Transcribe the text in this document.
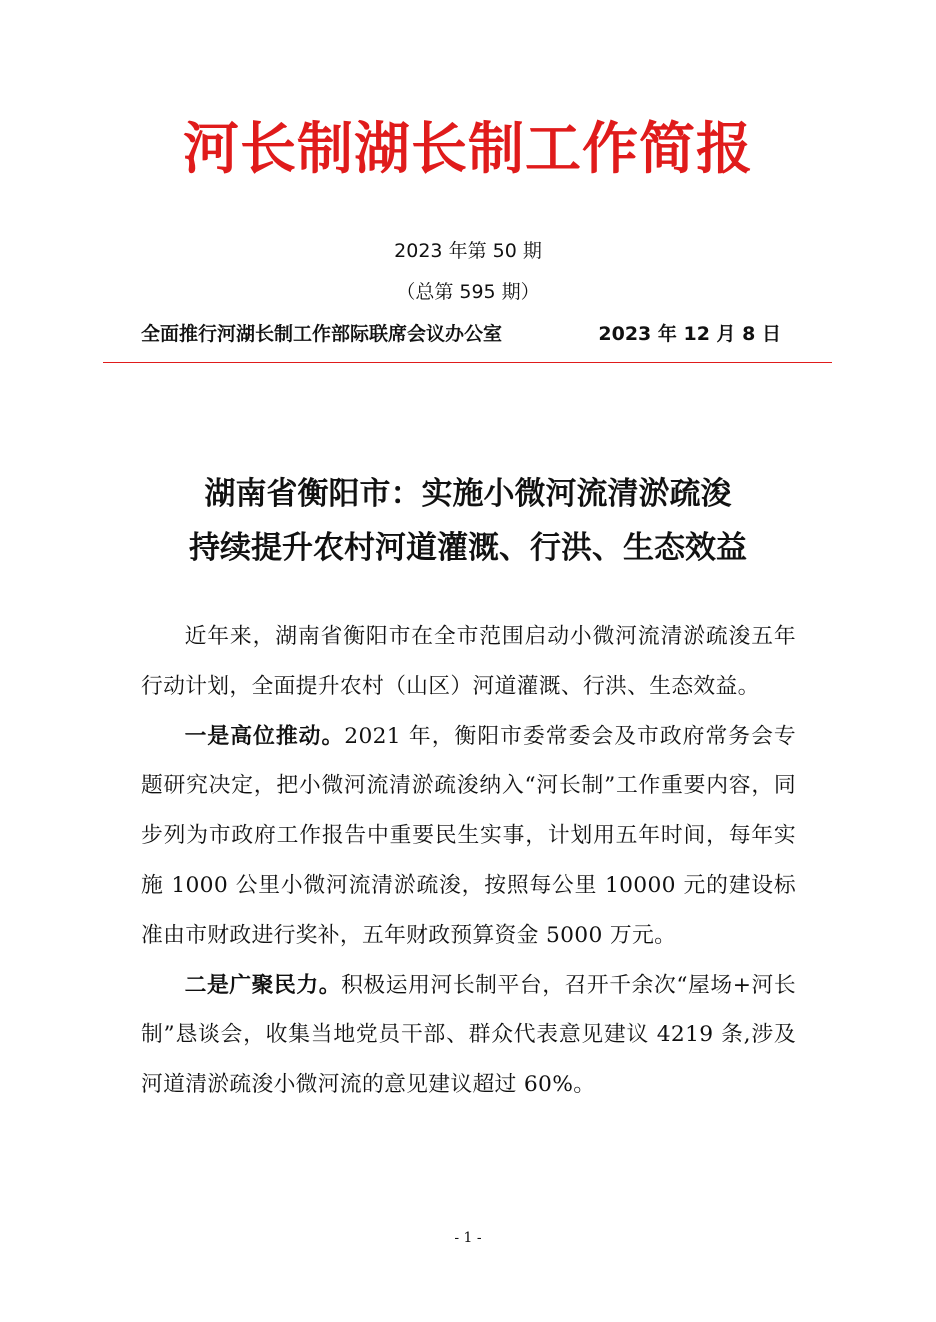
河长制湖长制工作简报
2023 年第 50 期
（总第 595 期）
全面推行河湖长制工作部际联席会议办公室	2023 年 12 月 8 日
湖南省衡阳市：实施小微河流清淤疏浚
持续提升农村河道灌溉、行洪、生态效益

近年来，湖南省衡阳市在全市范围启动小微河流清淤疏浚五年行动计划，全面提升农村（山区）河道灌溉、行洪、生态效益。

一是高位推动。2021 年，衡阳市委常委会及市政府常务会专题研究决定，把小微河流清淤疏浚纳入“河长制”工作重要内容，同步列为市政府工作报告中重要民生实事，计划用五年时间，每年实施 1000 公里小微河流清淤疏浚，按照每公里 10000 元的建设标准由市财政进行奖补，五年财政预算资金 5000 万元。

二是广聚民力。积极运用河长制平台，召开千余次“屋场+河长制”恳谈会，收集当地党员干部、群众代表意见建议 4219 条,涉及河道清淤疏浚小微河流的意见建议超过 60%。

- 1 -
